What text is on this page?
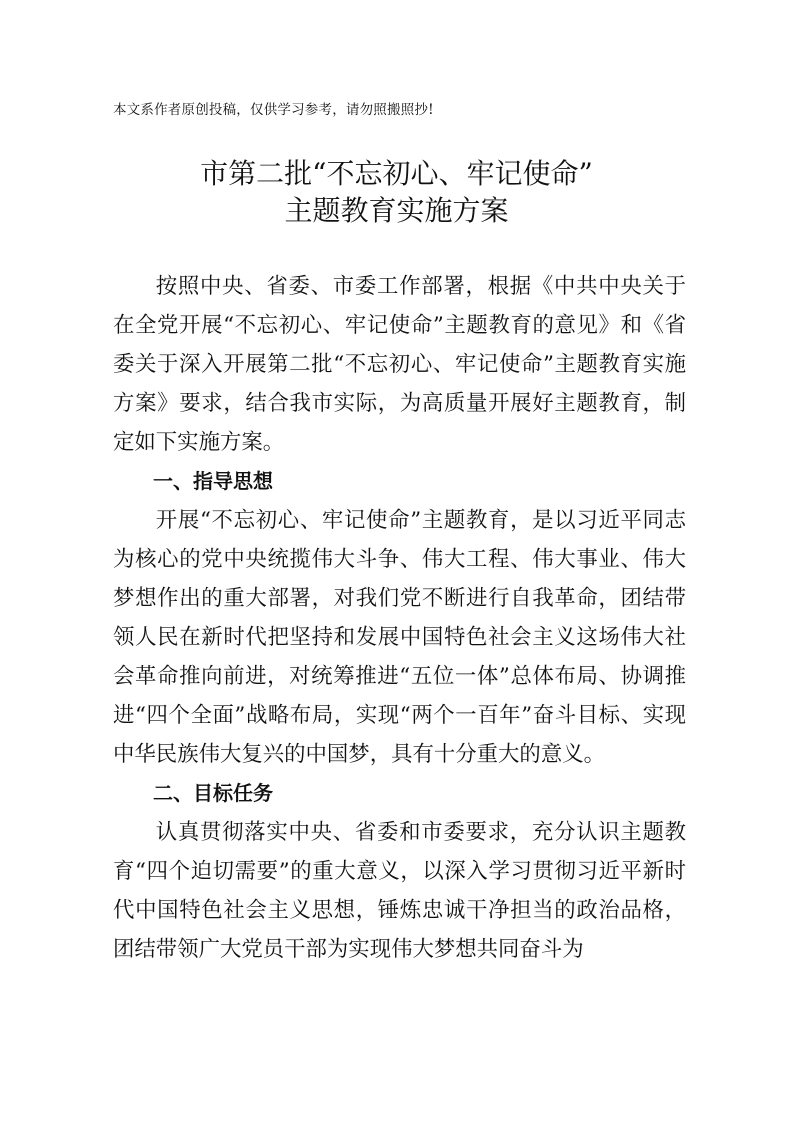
本文系作者原创投稿，仅供学习参考，请勿照搬照抄!
市第二批“不忘初心、牢记使命”
主题教育实施方案

按照中央、省委、市委工作部署，根据《中共中央关于在全党开展“不忘初心、牢记使命”主题教育的意见》和《省委关于深入开展第二批“不忘初心、牢记使命”主题教育实施方案》要求，结合我市实际，为高质量开展好主题教育，制定如下实施方案。

一、指导思想

开展“不忘初心、牢记使命”主题教育，是以习近平同志为核心的党中央统揽伟大斗争、伟大工程、伟大事业、伟大梦想作出的重大部署，对我们党不断进行自我革命，团结带领人民在新时代把坚持和发展中国特色社会主义这场伟大社会革命推向前进，对统筹推进“五位一体”总体布局、协调推进“四个全面”战略布局，实现“两个一百年”奋斗目标、实现中华民族伟大复兴的中国梦，具有十分重大的意义。

二、目标任务

认真贯彻落实中央、省委和市委要求，充分认识主题教育“四个迫切需要”的重大意义，以深入学习贯彻习近平新时代中国特色社会主义思想，锤炼忠诚干净担当的政治品格，团结带领广大党员干部为实现伟大梦想共同奋斗为
